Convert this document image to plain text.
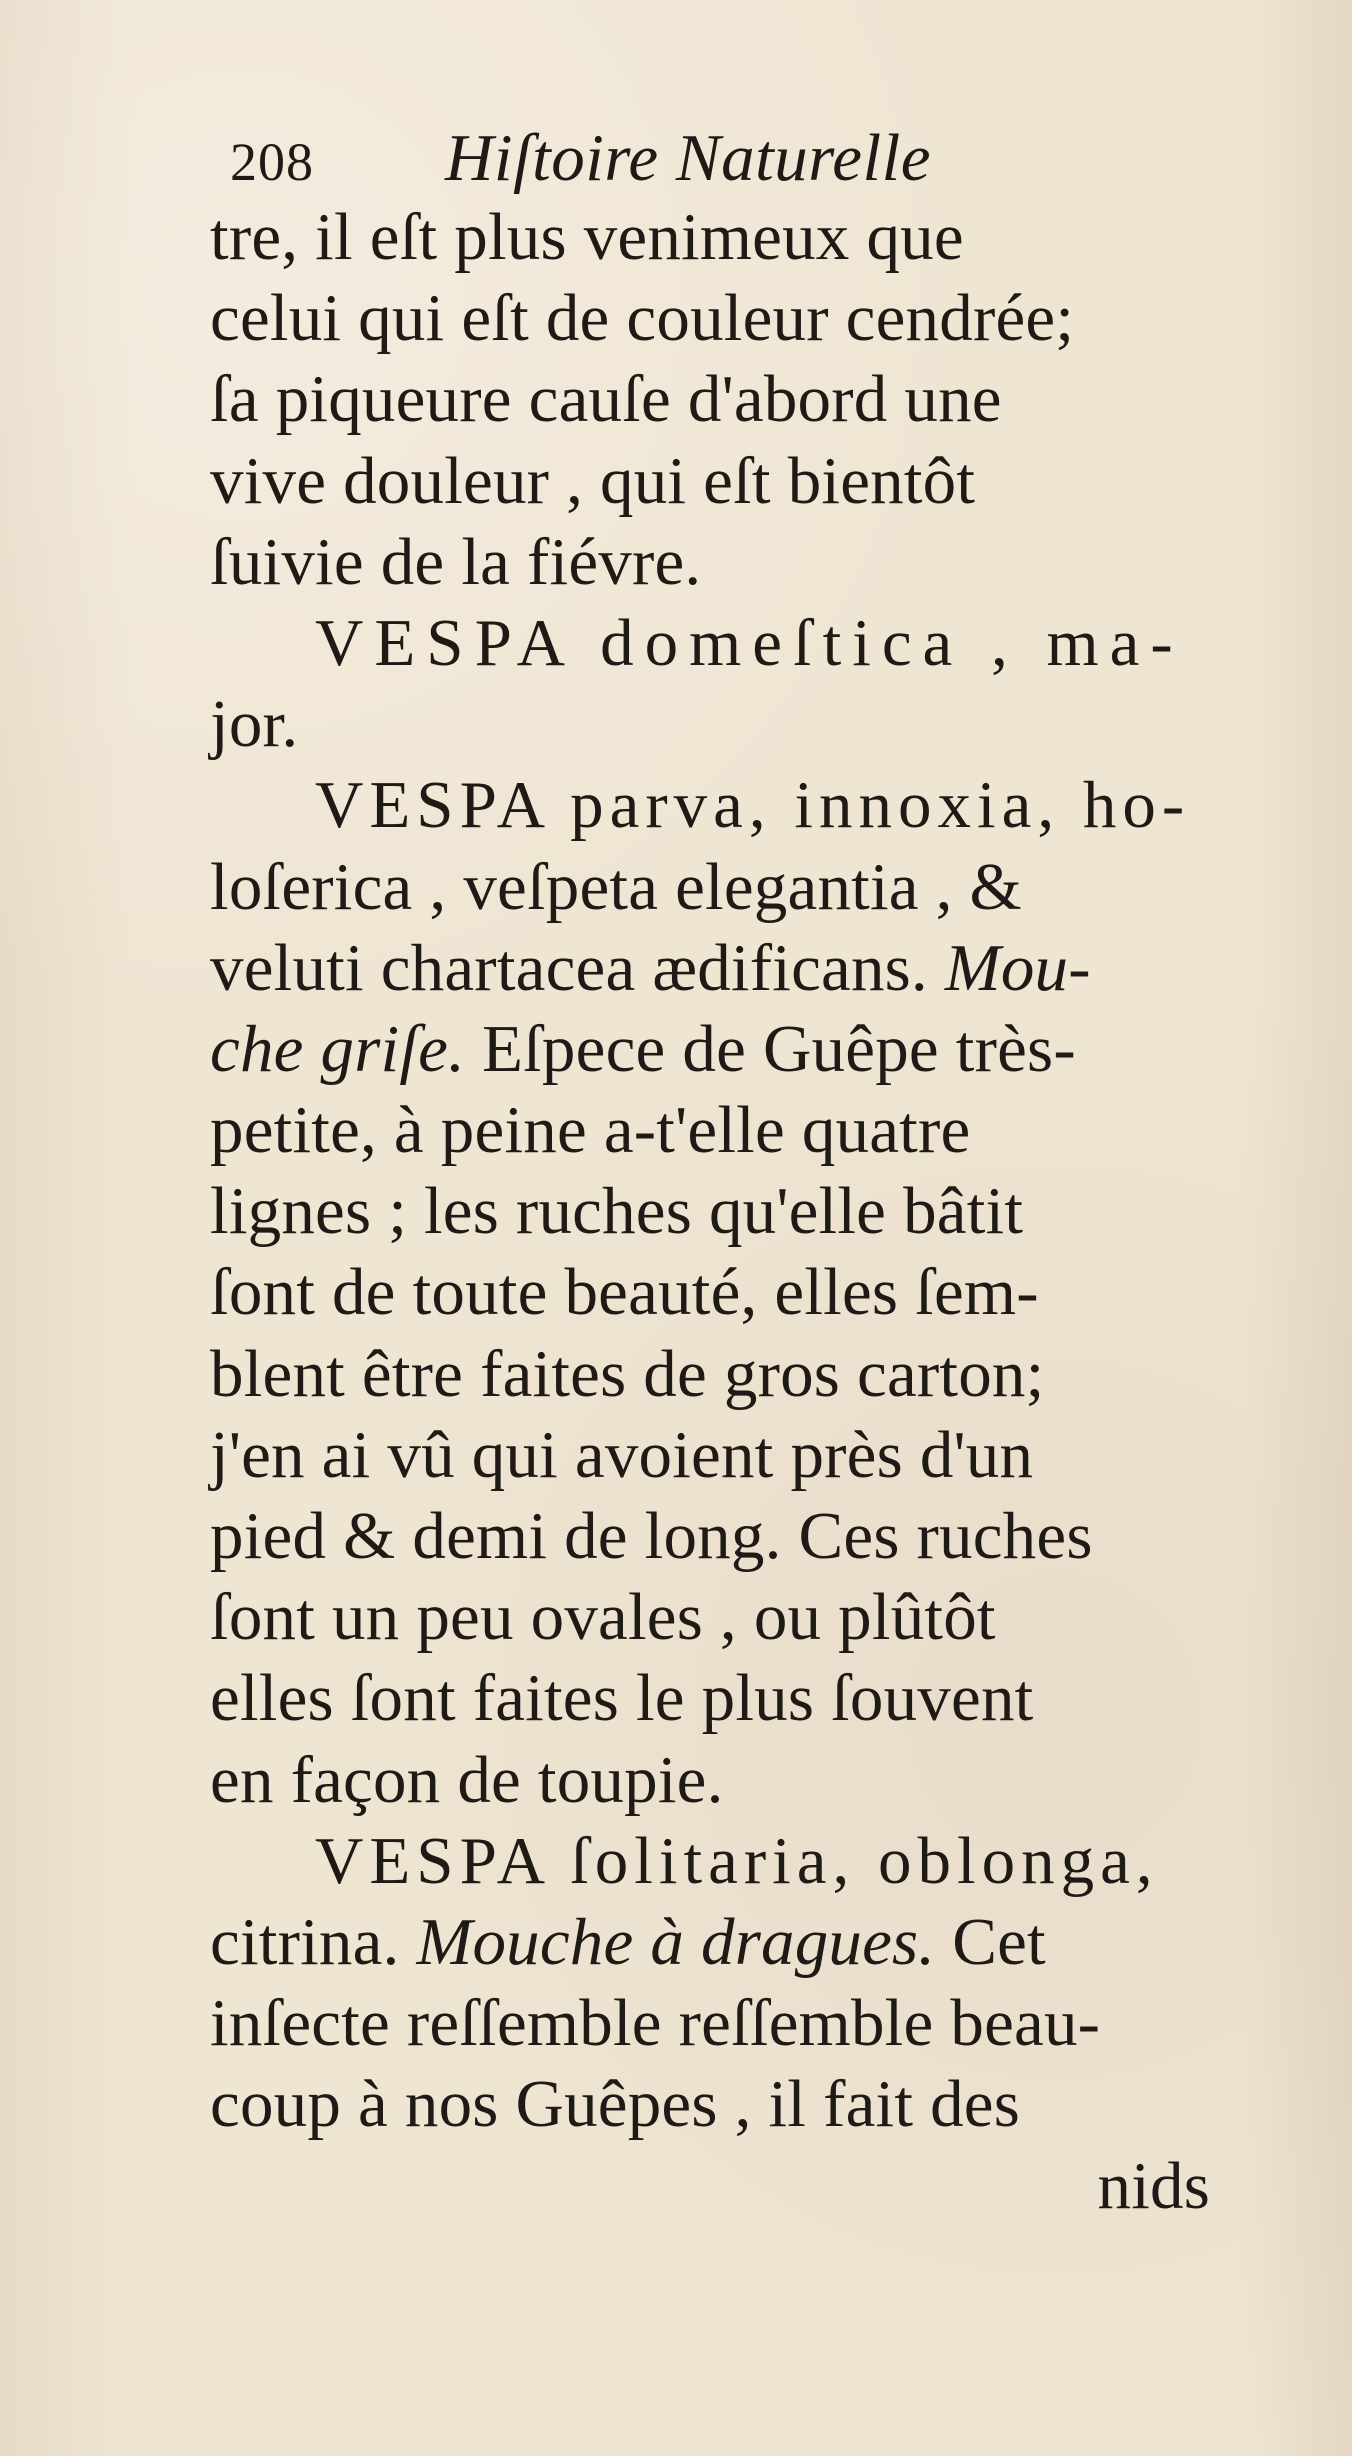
208 Hiſtoire Naturelle
tre, il eſt plus venimeux que
celui qui eſt de couleur cendrée;
ſa piqueure cauſe d'abord une
vive douleur , qui eſt bientôt
ſuivie de la fiévre.
VESPA domeſtica , ma-
jor.
VESPA parva, innoxia, ho-
loſerica , veſpeta elegantia , &
veluti chartacea ædificans. Mou-
che griſe. Eſpece de Guêpe très-
petite, à peine a-t'elle quatre
lignes ; les ruches qu'elle bâtit
ſont de toute beauté, elles ſem-
blent être faites de gros carton;
j'en ai vû qui avoient près d'un
pied & demi de long. Ces ruches
ſont un peu ovales , ou plûtôt
elles ſont faites le plus ſouvent
en façon de toupie.
VESPA ſolitaria, oblonga,
citrina. Mouche à dragues. Cet
inſecte reſſemble reſſemble beau-
coup à nos Guêpes , il fait des
nids
